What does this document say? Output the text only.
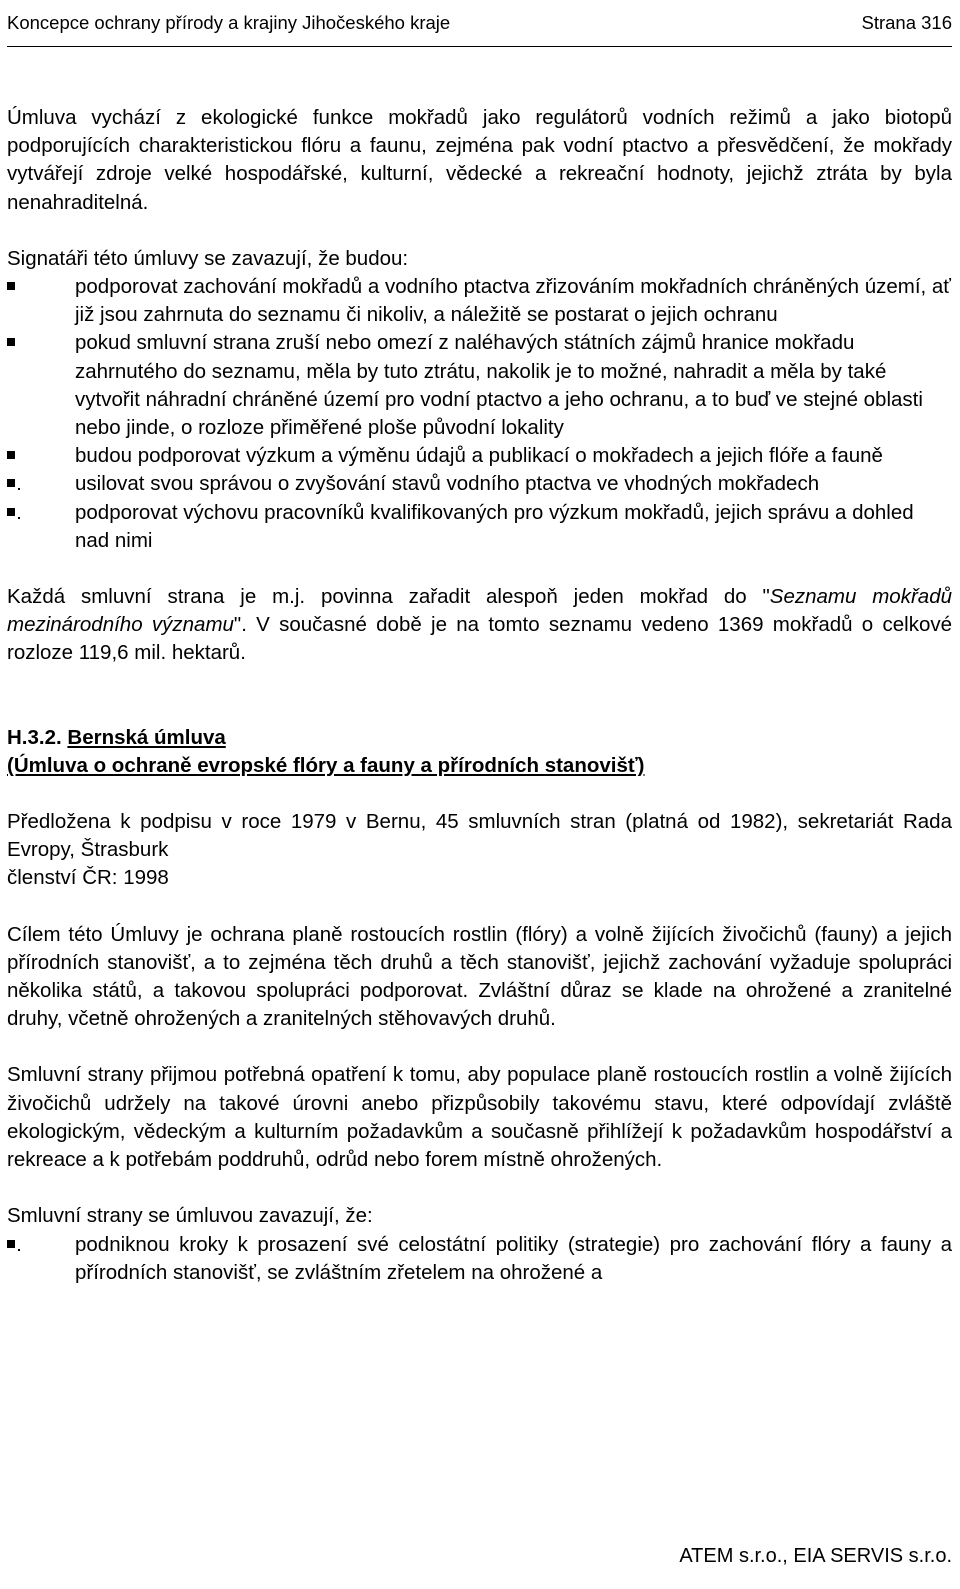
Koncepce ochrany přírody a krajiny Jihočeského kraje	Strana 316

Úmluva vychází z ekologické funkce mokřadů jako regulátorů vodních režimů a jako biotopů podporujících charakteristickou flóru a faunu, zejména pak vodní ptactvo a přesvědčení, že mokřady vytvářejí zdroje velké hospodářské, kulturní, vědecké a rekreační hodnoty, jejichž ztráta by byla nenahraditelná.

Signatáři této úmluvy se zavazují, že budou:

podporovat zachování mokřadů a vodního ptactva zřizováním mokřadních chráněných území, ať již jsou zahrnuta do seznamu či nikoliv, a náležitě se postarat o jejich ochranu
pokud smluvní strana zruší nebo omezí z naléhavých státních zájmů hranice mokřadu zahrnutého do seznamu, měla by tuto ztrátu, nakolik je to možné, nahradit a měla by také vytvořit náhradní chráněné území pro vodní ptactvo a jeho ochranu, a to buď ve stejné oblasti nebo jinde, o rozloze přiměřené ploše původní lokality
budou podporovat výzkum a výměnu údajů a publikací o mokřadech a jejich flóře a fauně
usilovat svou správou o zvyšování stavů vodního ptactva ve vhodných mokřadech
podporovat výchovu pracovníků kvalifikovaných pro výzkum mokřadů, jejich správu a dohled nad nimi

Každá smluvní strana je m.j. povinna zařadit alespoň jeden mokřad do "Seznamu mokřadů mezinárodního významu". V současné době je na tomto seznamu vedeno 1369 mokřadů o celkové rozloze 119,6 mil. hektarů.

H.3.2. Bernská úmluva

(Úmluva o ochraně evropské flóry a fauny a přírodních stanovišť)

Předložena k podpisu v roce 1979 v Bernu, 45 smluvních stran (platná od 1982), sekretariát Rada Evropy, Štrasburk

členství ČR: 1998

Cílem této Úmluvy je ochrana planě rostoucích rostlin (flóry) a volně žijících živočichů (fauny) a jejich přírodních stanovišť, a to zejména těch druhů a těch stanovišť, jejichž zachování vyžaduje spolupráci několika států, a takovou spolupráci podporovat. Zvláštní důraz se klade na ohrožené a zranitelné druhy, včetně ohrožených a zranitelných stěhovavých druhů.

Smluvní strany přijmou potřebná opatření k tomu, aby populace planě rostoucích rostlin a volně žijících živočichů udržely na takové úrovni anebo přizpůsobily takovému stavu, které odpovídají zvláště ekologickým, vědeckým a kulturním požadavkům a současně přihlížejí k požadavkům hospodářství a rekreace a k potřebám poddruhů, odrůd nebo forem místně ohrožených.

Smluvní strany se úmluvou zavazují, že:

podniknou kroky k prosazení své celostátní politiky (strategie) pro zachování flóry a fauny a přírodních stanovišť, se zvláštním zřetelem na ohrožené a
ATEM s.r.o., EIA SERVIS s.r.o.
